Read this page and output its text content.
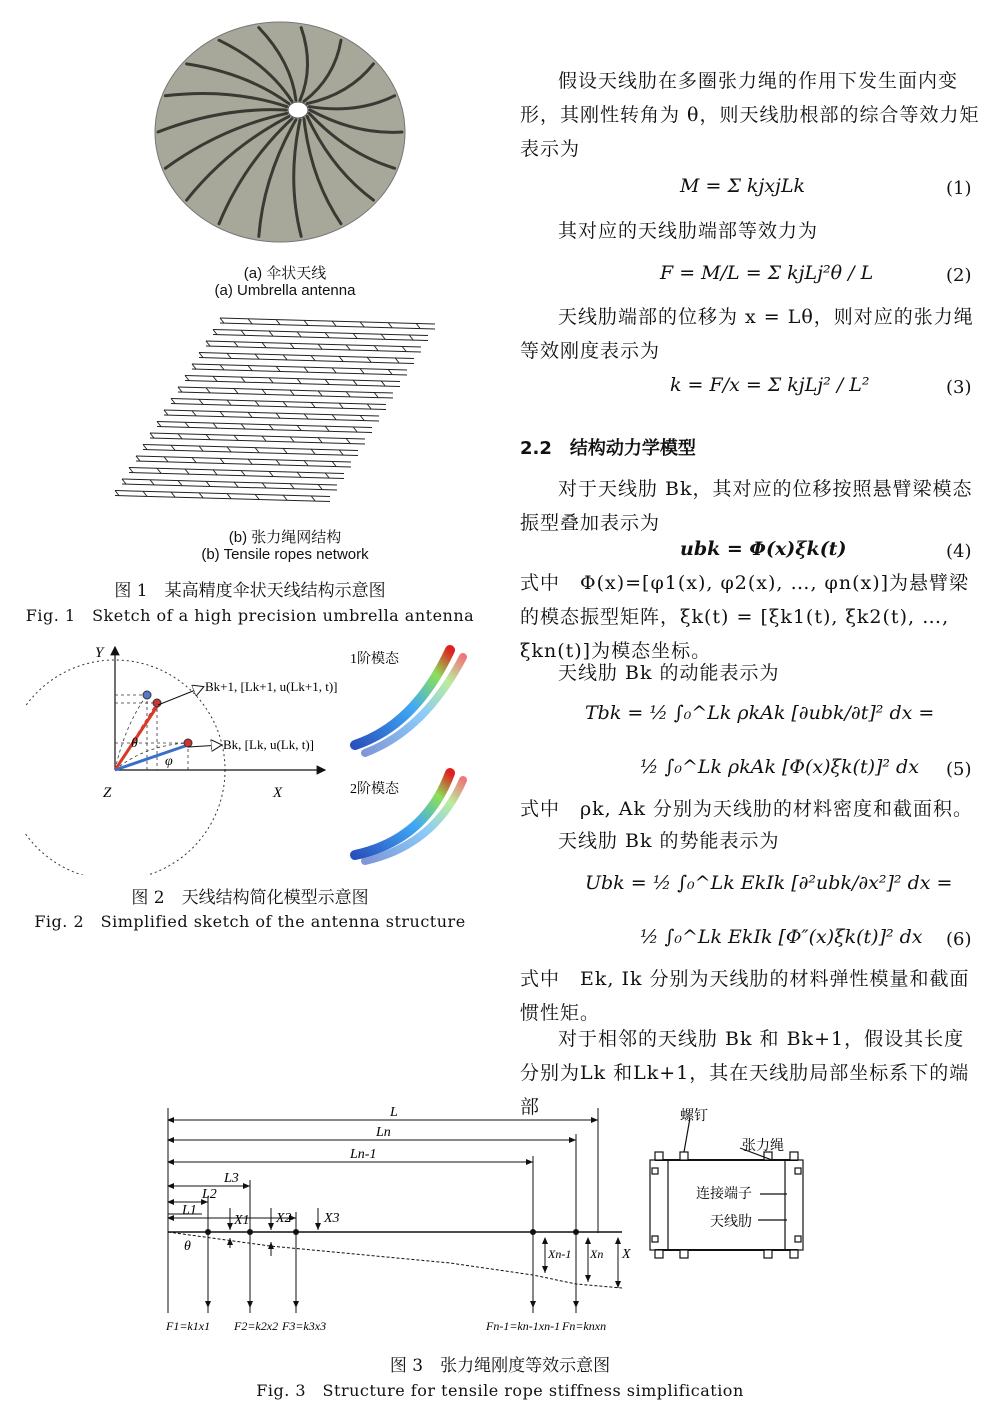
(a) 伞状天线
(a) Umbrella antenna
(b) 张力绳网结构
(b) Tensile ropes network
图 1　某高精度伞状天线结构示意图
Fig. 1　Sketch of a high precision umbrella antenna
Y
X
Z
Bk+1, [Lk+1, u(Lk+1, t)]
Bk, [Lk, u(Lk, t)]
θ
φ
1阶模态
2阶模态
图 2　天线结构简化模型示意图
Fig. 2　Simplified sketch of the antenna structure
假设天线肋在多圈张力绳的作用下发生面内变形，其刚性转角为 θ，则天线肋根部的综合等效力矩表示为
M = Σ kjxjLk	(1)
其对应的天线肋端部等效力为
F = M/L = Σ kjLj²θ / L	(2)
天线肋端部的位移为 x = Lθ，则对应的张力绳等效刚度表示为
k = F/x = Σ kjLj² / L²	(3)
2.2　结构动力学模型
对于天线肋 Bk，其对应的位移按照悬臂梁模态振型叠加表示为
ubk = Φ(x)ξk(t)	(4)
式中　Φ(x)=[φ1(x), φ2(x), …, φn(x)]为悬臂梁的模态振型矩阵，ξk(t) = [ξk1(t), ξk2(t), …, ξkn(t)]为模态坐标。
天线肋 Bk 的动能表示为
Tbk = ½ ∫₀^Lk ρkAk [∂ubk/∂t]² dx =
½ ∫₀^Lk ρkAk [Φ(x)ξk(t)]² dx (5)
式中　ρk, Ak 分别为天线肋的材料密度和截面积。
天线肋 Bk 的势能表示为
Ubk = ½ ∫₀^Lk EkIk [∂²ubk/∂x²]² dx =
½ ∫₀^Lk EkIk [Φ″(x)ξk(t)]² dx (6)
式中　Ek, Ik 分别为天线肋的材料弹性模量和截面惯性矩。
对于相邻的天线肋 Bk 和 Bk+1，假设其长度分别为Lk 和Lk+1，其在天线肋局部坐标系下的端部
L
Ln
Ln-1
L3
L2
L1
X1 X2 X3
Xn-1 Xn X
θ
F1=k1x1 F2=k2x2 F3=k3x3	Fn-1=kn-1xn-1 Fn=knxn
螺钉
张力绳
连接端子
天线肋
图 3　张力绳刚度等效示意图
Fig. 3　Structure for tensile rope stiffness simplification
